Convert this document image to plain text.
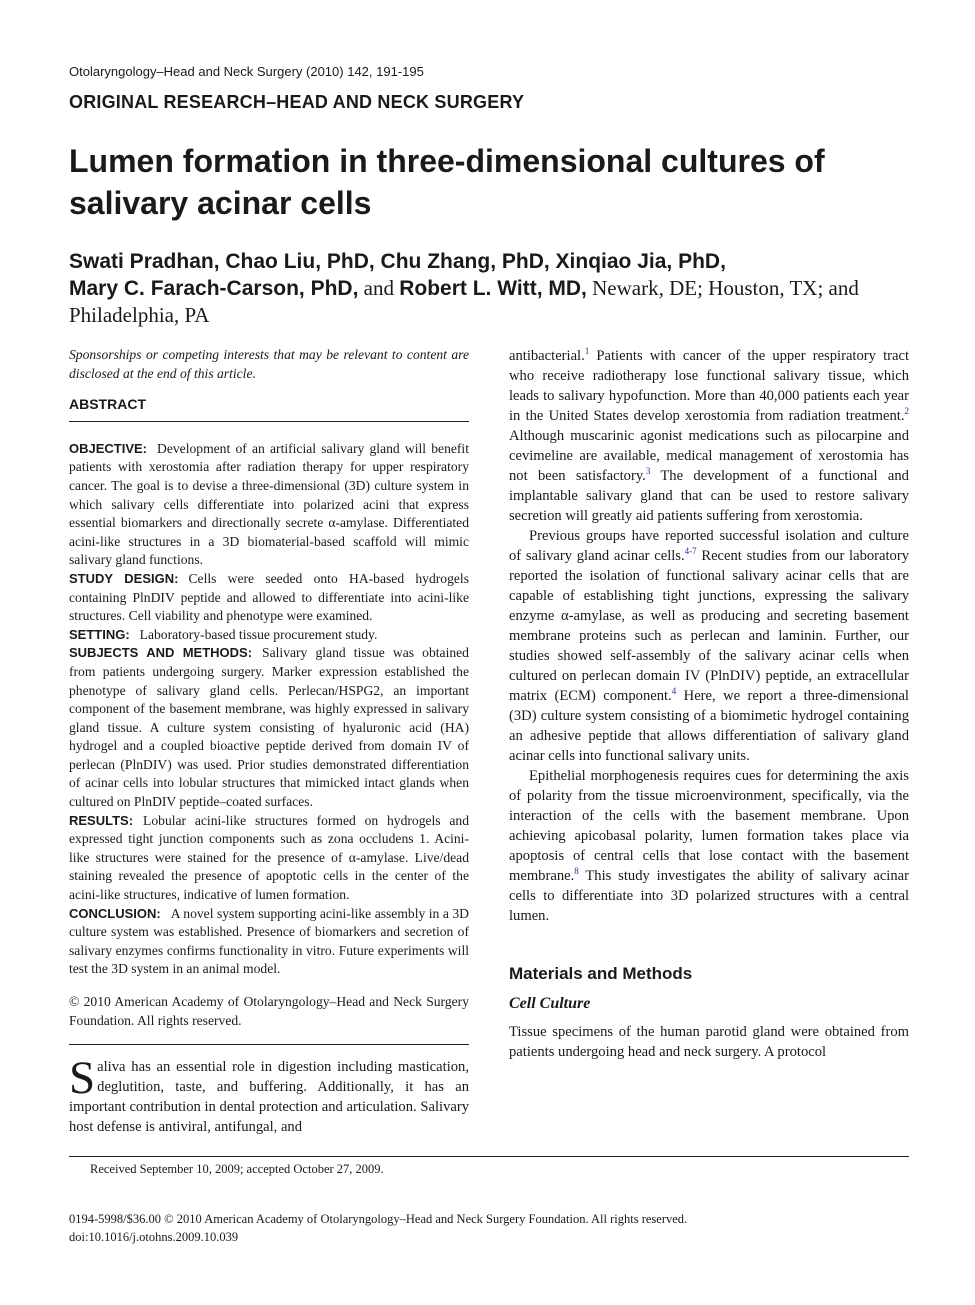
Otolaryngology–Head and Neck Surgery (2010) 142, 191-195
ORIGINAL RESEARCH–HEAD AND NECK SURGERY
Lumen formation in three-dimensional cultures of
salivary acinar cells
Swati Pradhan, Chao Liu, PhD, Chu Zhang, PhD, Xinqiao Jia, PhD,
Mary C. Farach-Carson, PhD, and Robert L. Witt, MD, Newark, DE; Houston, TX; and Philadelphia, PA

Sponsorships or competing interests that may be relevant to content are disclosed at the end of this article.

ABSTRACT

OBJECTIVE: Development of an artificial salivary gland will benefit patients with xerostomia after radiation therapy for upper respiratory cancer. The goal is to devise a three-dimensional (3D) culture system in which salivary cells differentiate into polarized acini that express essential biomarkers and directionally secrete α-amylase. Differentiated acini-like structures in a 3D biomaterial-based scaffold will mimic salivary gland functions.

STUDY DESIGN: Cells were seeded onto HA-based hydrogels containing PlnDIV peptide and allowed to differentiate into acini-like structures. Cell viability and phenotype were examined.

SETTING: Laboratory-based tissue procurement study.

SUBJECTS AND METHODS: Salivary gland tissue was obtained from patients undergoing surgery. Marker expression established the phenotype of salivary gland cells. Perlecan/HSPG2, an important component of the basement membrane, was highly expressed in salivary gland tissue. A culture system consisting of hyaluronic acid (HA) hydrogel and a coupled bioactive peptide derived from domain IV of perlecan (PlnDIV) was used. Prior studies demonstrated differentiation of acinar cells into lobular structures that mimicked intact glands when cultured on PlnDIV peptide–coated surfaces.

RESULTS: Lobular acini-like structures formed on hydrogels and expressed tight junction components such as zona occludens 1. Acini-like structures were stained for the presence of α-amylase. Live/dead staining revealed the presence of apoptotic cells in the center of the acini-like structures, indicative of lumen formation.

CONCLUSION: A novel system supporting acini-like assembly in a 3D culture system was established. Presence of biomarkers and secretion of salivary enzymes confirms functionality in vitro. Future experiments will test the 3D system in an animal model.

© 2010 American Academy of Otolaryngology–Head and Neck Surgery Foundation. All rights reserved.

Saliva has an essential role in digestion including mastication, deglutition, taste, and buffering. Additionally, it has an important contribution in dental protection and articulation. Salivary host defense is antiviral, antifungal, and

antibacterial.$^1$ Patients with cancer of the upper respiratory tract who receive radiotherapy lose functional salivary tissue, which leads to salivary hypofunction. More than 40,000 patients each year in the United States develop xerostomia from radiation treatment.$^2$ Although muscarinic agonist medications such as pilocarpine and cevimeline are available, medical management of xerostomia has not been satisfactory.$^3$ The development of a functional and implantable salivary gland that can be used to restore salivary secretion will greatly aid patients suffering from xerostomia.

Previous groups have reported successful isolation and culture of salivary gland acinar cells.$^{4-7}$ Recent studies from our laboratory reported the isolation of functional salivary acinar cells that are capable of establishing tight junctions, expressing the salivary enzyme α-amylase, as well as producing and secreting basement membrane proteins such as perlecan and laminin. Further, our studies showed self-assembly of the salivary acinar cells when cultured on perlecan domain IV (PlnDIV) peptide, an extracellular matrix (ECM) component.$^4$ Here, we report a three-dimensional (3D) culture system consisting of a biomimetic hydrogel containing an adhesive peptide that allows differentiation of salivary gland acinar cells into functional salivary units.

Epithelial morphogenesis requires cues for determining the axis of polarity from the tissue microenvironment, specifically, via the interaction of the cells with the basement membrane. Upon achieving apicobasal polarity, lumen formation takes place via apoptosis of central cells that lose contact with the basement membrane.$^8$ This study investigates the ability of salivary acinar cells to differentiate into 3D polarized structures with a central lumen.

Materials and Methods
Cell Culture

Tissue specimens of the human parotid gland were obtained from patients undergoing head and neck surgery. A protocol

Received September 10, 2009; accepted October 27, 2009.
0194-5998/$36.00 © 2010 American Academy of Otolaryngology–Head and Neck Surgery Foundation. All rights reserved.
doi:10.1016/j.otohns.2009.10.039
